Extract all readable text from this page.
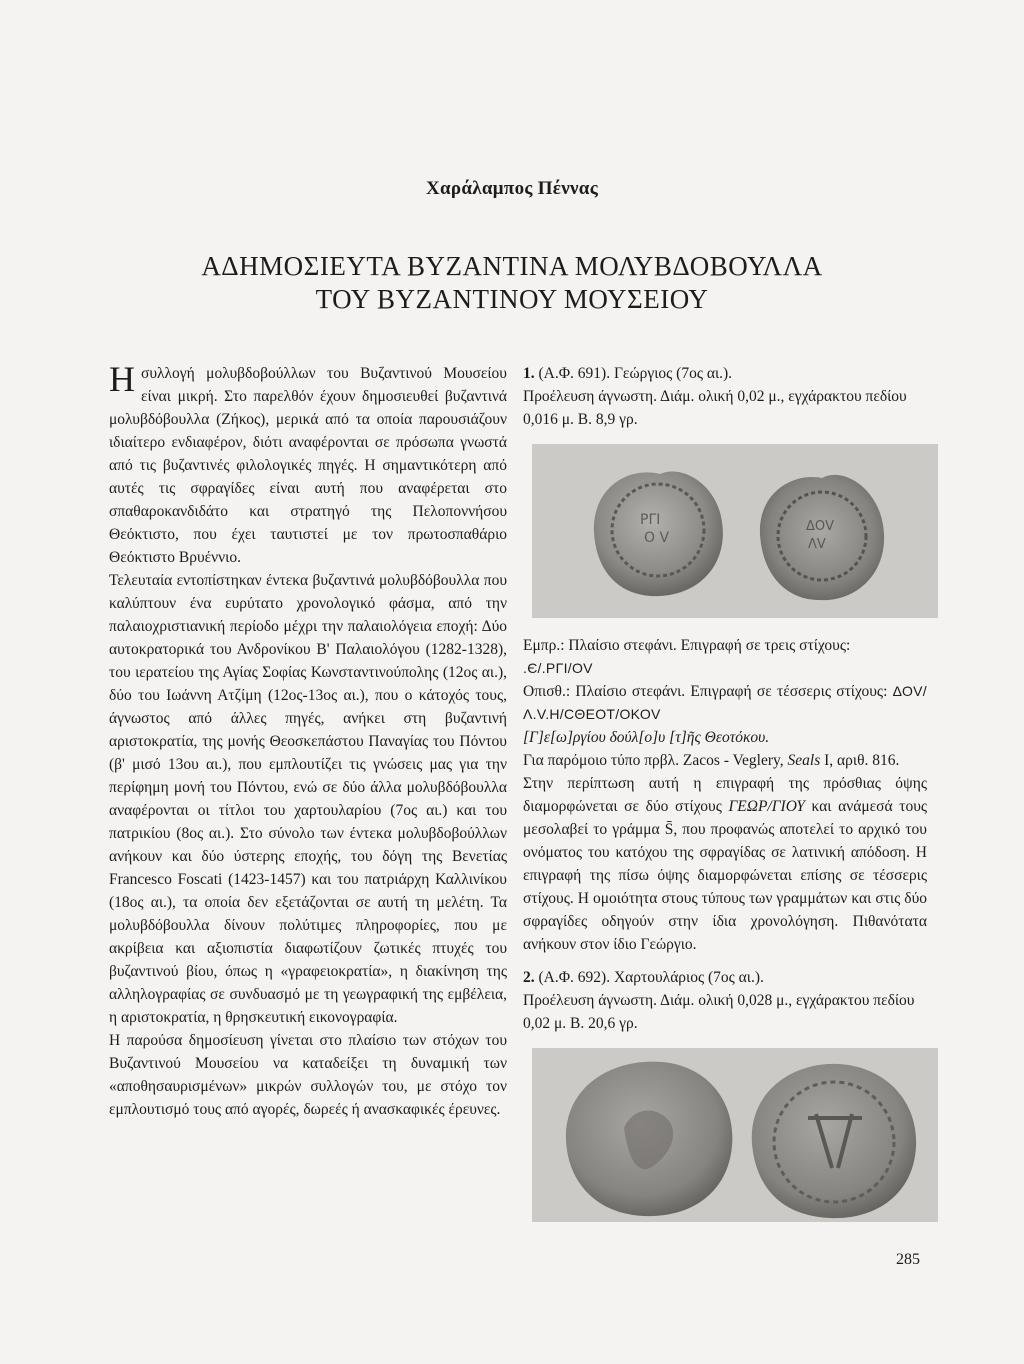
Χαράλαμπος Πέννας
ΑΔΗΜΟΣΙΕΥΤΑ ΒΥΖΑΝΤΙΝΑ ΜΟΛΥΒΔΟΒΟΥΛΛΑ
ΤΟΥ ΒΥΖΑΝΤΙΝΟΥ ΜΟΥΣΕΙΟΥ

Ησυλλογή μολυβδοβούλλων του Βυζαντινού Μουσείου είναι μικρή. Στο παρελθόν έχουν δημοσιευθεί βυζαντινά μολυβδόβουλλα (Ζήκος), μερικά από τα οποία παρουσιάζουν ιδιαίτερο ενδιαφέρον, διότι αναφέρονται σε πρόσωπα γνωστά από τις βυζαντινές φιλολογικές πηγές. Η σημαντικότερη από αυτές τις σφραγίδες είναι αυτή που αναφέρεται στο σπαθαροκανδιδάτο και στρατηγό της Πελοποννήσου Θεόκτιστο, που έχει ταυτιστεί με τον πρωτοσπαθάριο Θεόκτιστο Βρυέννιο.

Τελευταία εντοπίστηκαν έντεκα βυζαντινά μολυβδόβουλλα που καλύπτουν ένα ευρύτατο χρονολογικό φάσμα, από την παλαιοχριστιανική περίοδο μέχρι την παλαιολόγεια εποχή: Δύο αυτοκρατορικά του Ανδρονίκου Β' Παλαιολόγου (1282-1328), του ιερατείου της Αγίας Σοφίας Κωνσταντινούπολης (12ος αι.), δύο του Ιωάννη Ατζίμη (12ος-13ος αι.), που ο κάτοχός τους, άγνωστος από άλλες πηγές, ανήκει στη βυζαντινή αριστοκρατία, της μονής Θεοσκεπάστου Παναγίας του Πόντου (β' μισό 13ου αι.), που εμπλουτίζει τις γνώσεις μας για την περίφημη μονή του Πόντου, ενώ σε δύο άλλα μολυβδόβουλλα αναφέρονται οι τίτλοι του χαρτουλαρίου (7ος αι.) και του πατρικίου (8ος αι.). Στο σύνολο των έντεκα μολυβδοβούλλων ανήκουν και δύο ύστερης εποχής, του δόγη της Βενετίας Francesco Foscati (1423-1457) και του πατριάρχη Καλλινίκου (18ος αι.), τα οποία δεν εξετάζονται σε αυτή τη μελέτη. Τα μολυβδόβουλλα δίνουν πολύτιμες πληροφορίες, που με ακρίβεια και αξιοπιστία διαφωτίζουν ζωτικές πτυχές του βυζαντινού βίου, όπως η «γραφειοκρατία», η διακίνηση της αλληλογραφίας σε συνδυασμό με τη γεωγραφική της εμβέλεια, η αριστοκρατία, η θρησκευτική εικονογραφία.

Η παρούσα δημοσίευση γίνεται στο πλαίσιο των στόχων του Βυζαντινού Μουσείου να καταδείξει τη δυναμική των «αποθησαυρισμένων» μικρών συλλογών του, με στόχο τον εμπλουτισμό τους από αγορές, δωρεές ή ανασκαφικές έρευνες.

1. (Α.Φ. 691). Γεώργιος (7ος αι.).

Προέλευση άγνωστη. Διάμ. ολική 0,02 μ., εγχάρακτου πεδίου 0,016 μ. Β. 8,9 γρ.

ΡΓΙ
Ο V
ΔΟV
ΛV

Εμπρ.: Πλαίσιο στεφάνι. Επιγραφή σε τρεις στίχους:

.Є/.ΡΓΙ/ΟV

Οπισθ.: Πλαίσιο στεφάνι. Επιγραφή σε τέσσερις στίχους: ΔΟV/Λ.V.Η/CΘΕΟΤ/ΟΚΟV

[Γ]ε[ω]ργίου δούλ[ο]υ [τ]ῆς Θεοτόκου.

Για παρόμοιο τύπο πρβλ. Zacos - Veglery, Seals I, αριθ. 816.

Στην περίπτωση αυτή η επιγραφή της πρόσθιας όψης διαμορφώνεται σε δύο στίχους ΓΕΩΡ/ΓΙΟΥ και ανάμεσά τους μεσολαβεί το γράμμα S̄, που προφανώς αποτελεί το αρχικό του ονόματος του κατόχου της σφραγίδας σε λατινική απόδοση. Η επιγραφή της πίσω όψης διαμορφώνεται επίσης σε τέσσερις στίχους. Η ομοιότητα στους τύπους των γραμμάτων και στις δύο σφραγίδες οδηγούν στην ίδια χρονολόγηση. Πιθανότατα ανήκουν στον ίδιο Γεώργιο.

2. (Α.Φ. 692). Χαρτουλάριος (7ος αι.).

Προέλευση άγνωστη. Διάμ. ολική 0,028 μ., εγχάρακτου πεδίου 0,02 μ. Β. 20,6 γρ.

285
